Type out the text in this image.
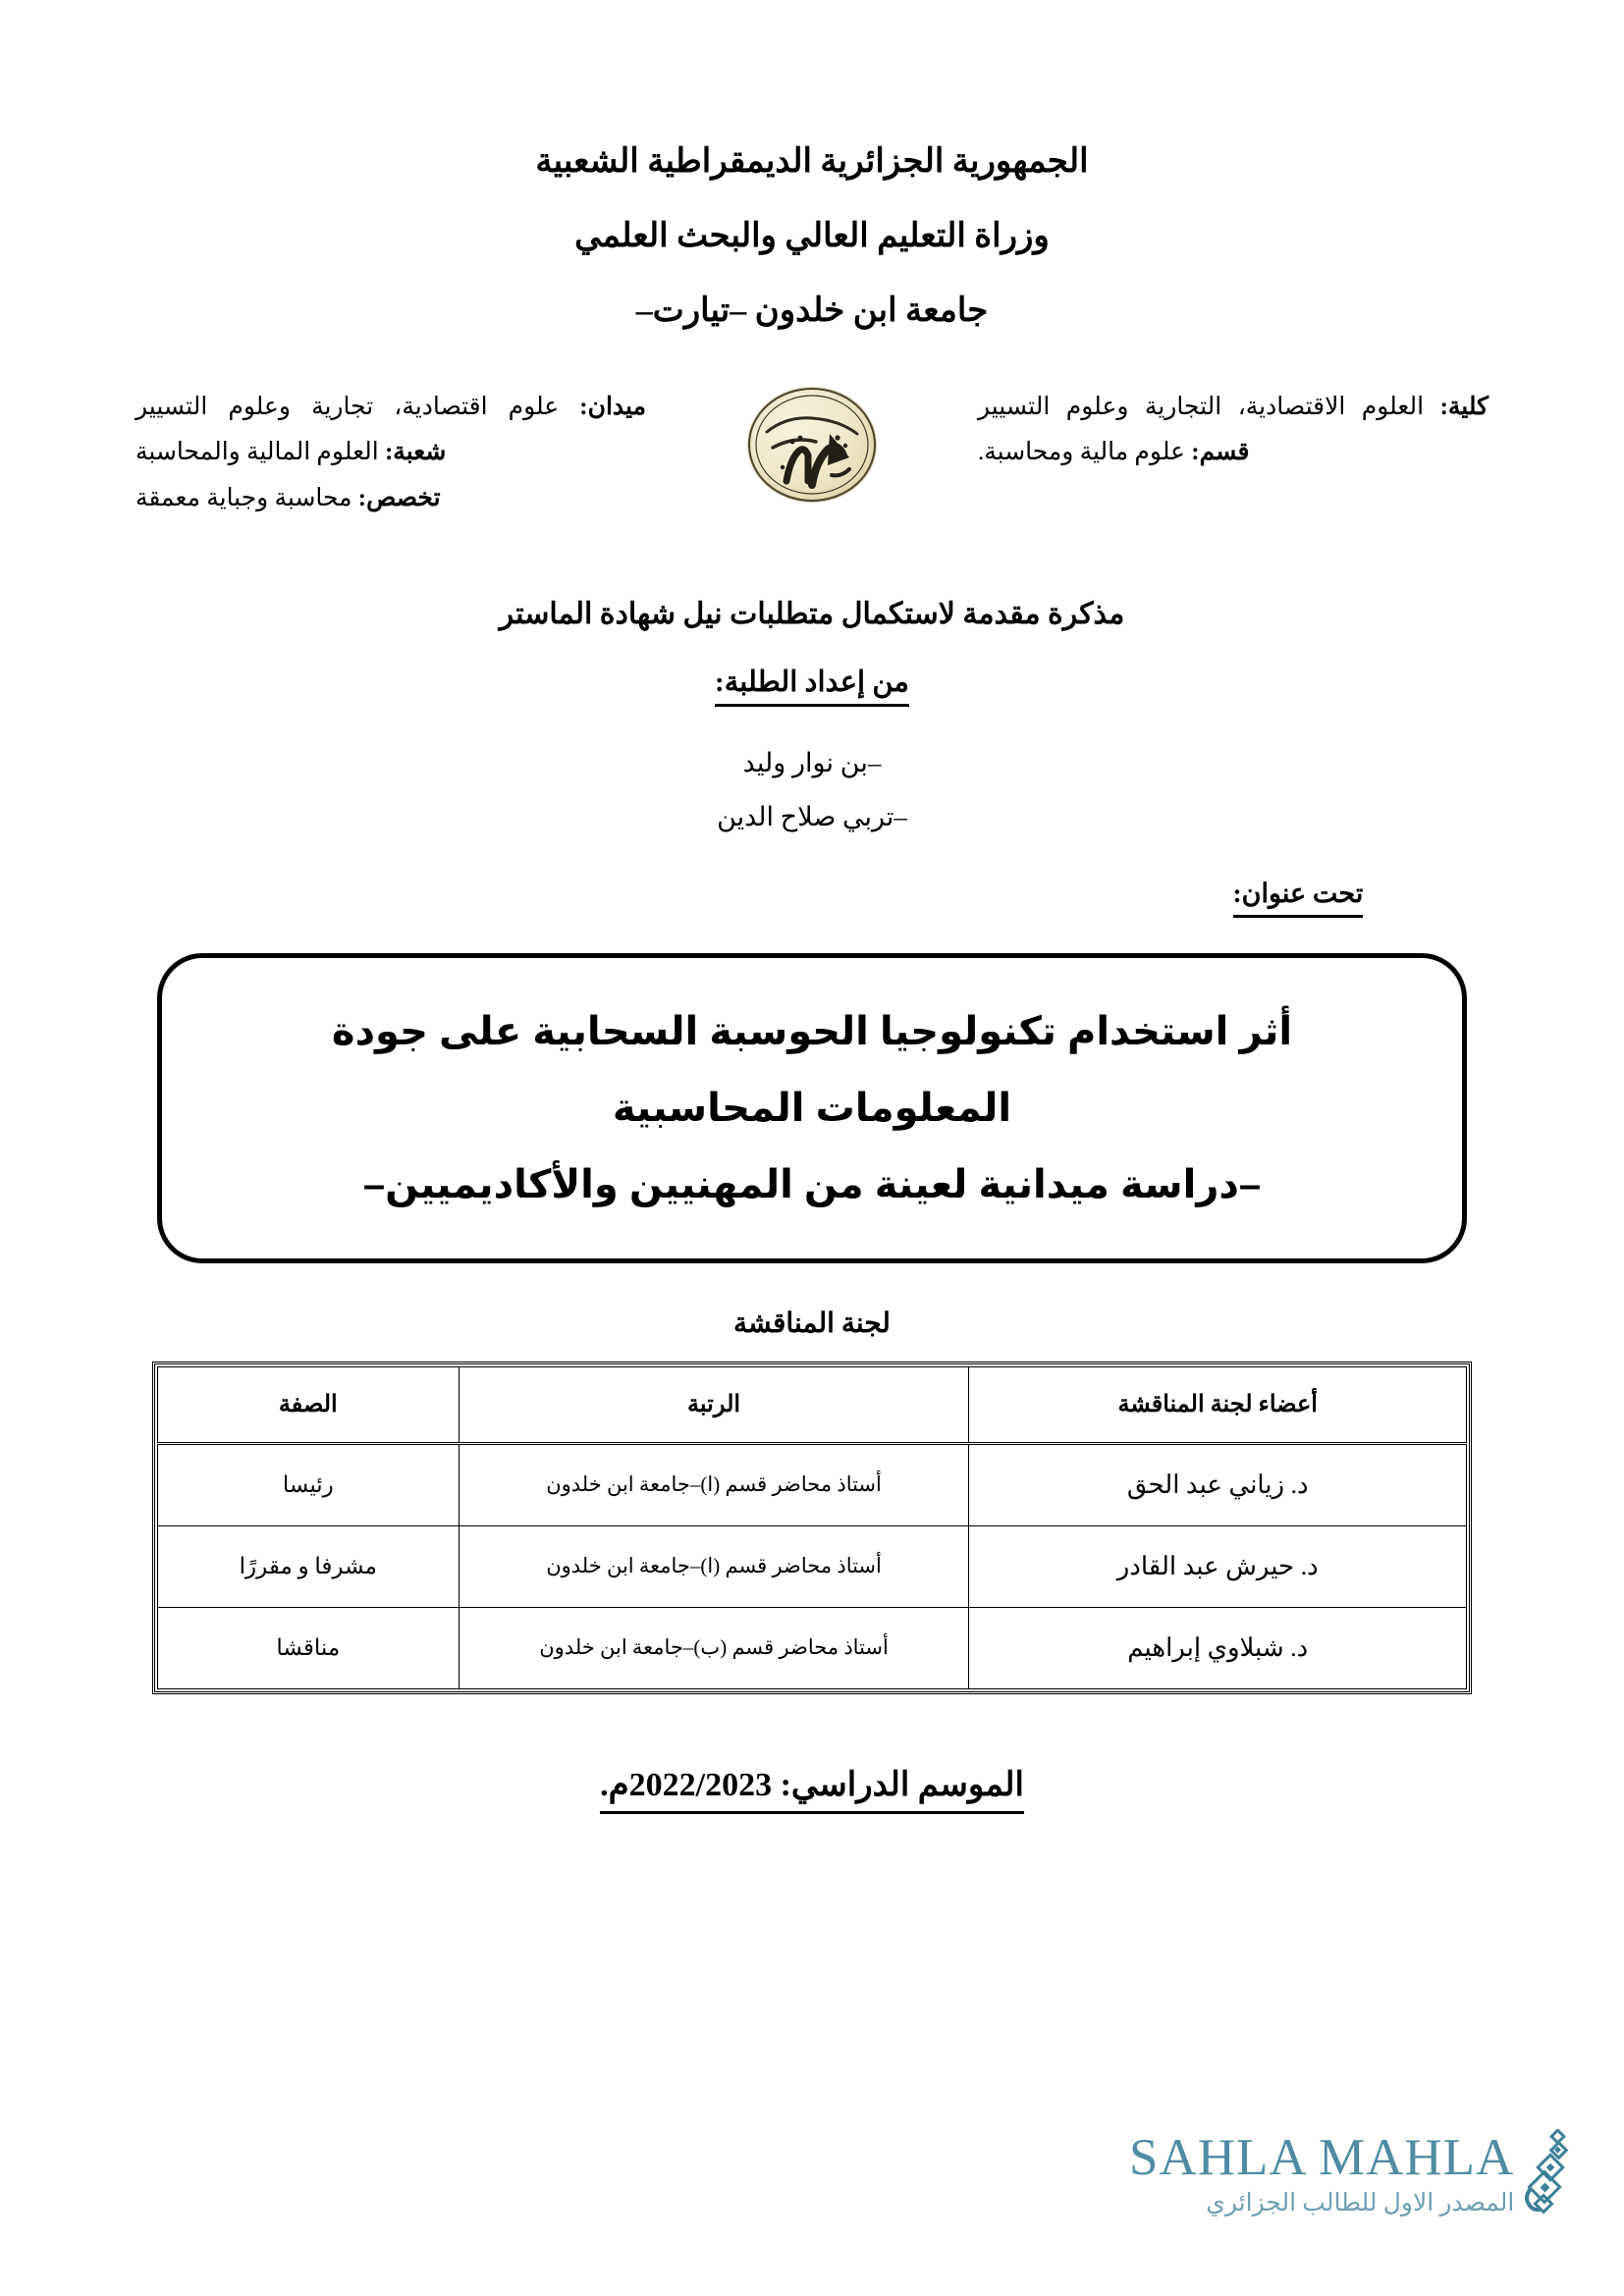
الجمهورية الجزائرية الديمقراطية الشعبية
وزراة التعليم العالي والبحث العلمي
جامعة ابن خلدون –تيارت–
كلية: العلوم الاقتصادية، التجارية وعلوم التسيير
قسم: علوم مالية ومحاسبة.
ميدان: علوم اقتصادية، تجارية وعلوم التسيير
شعبة: العلوم المالية والمحاسبة
تخصص: محاسبة وجباية معمقة
مذكرة مقدمة لاستكمال متطلبات نيل شهادة الماستر
من إعداد الطلبة:
–بن نوار وليد
–تربي صلاح الدين
تحت عنوان:
أثر استخدام تكنولوجيا الحوسبة السحابية على جودة
المعلومات المحاسبية
–دراسة ميدانية لعينة من المهنيين والأكاديميين–
لجنة المناقشة
أعضاء لجنة المناقشة	الرتبة	الصفة
د. زياني عبد الحق	أستاذ محاضر قسم (ا)–جامعة ابن خلدون	رئيسا
د. حيرش عبد القادر	أستاذ محاضر قسم (ا)–جامعة ابن خلدون	مشرفا و مقررًا
د. شبلاوي إبراهيم	أستاذ محاضر قسم (ب)–جامعة ابن خلدون	مناقشا
الموسم الدراسي: 2022/2023م.
SAHLA MAHLA
المصدر الاول للطالب الجزائري
